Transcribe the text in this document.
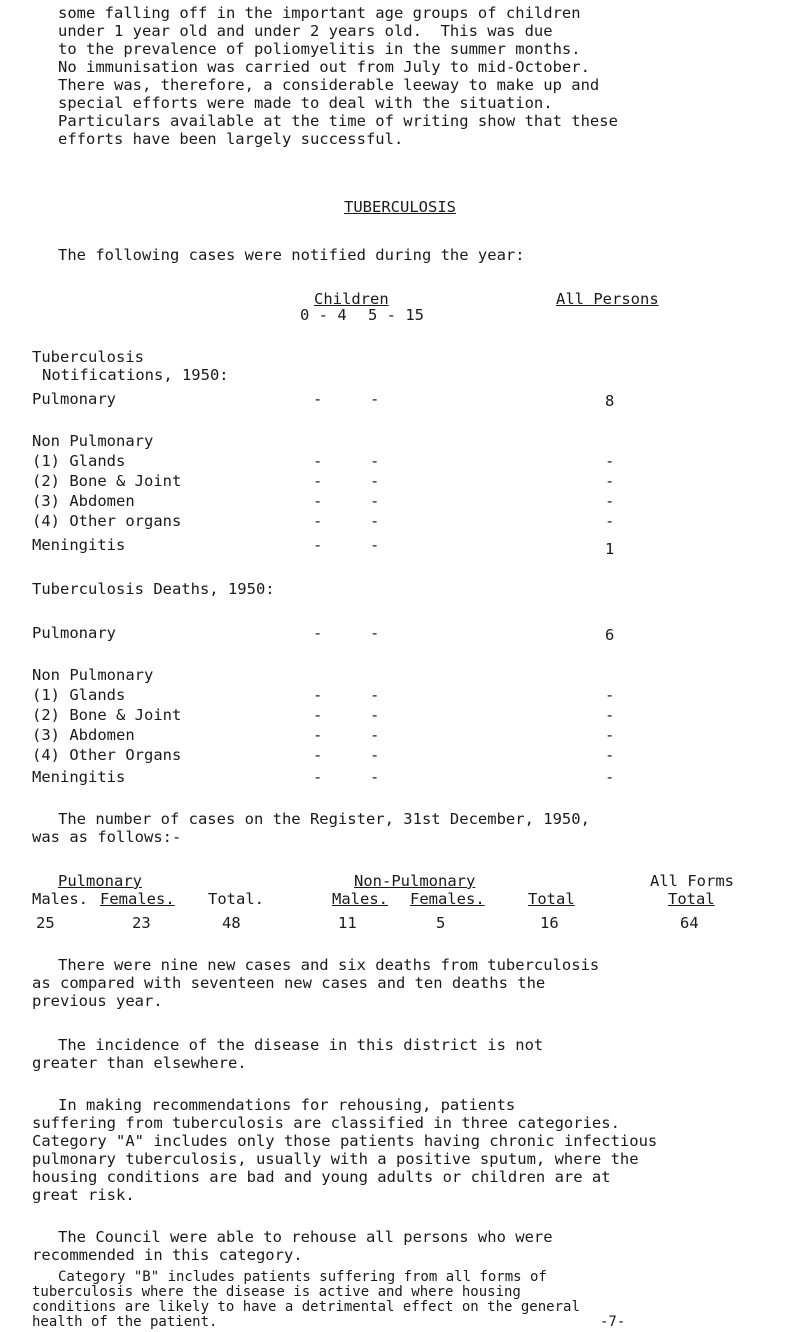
some falling off in the important age groups of children
under 1 year old and under 2 years old.  This was due
to the prevalence of poliomyelitis in the summer months.
No immunisation was carried out from July to mid-October.
There was, therefore, a considerable leeway to make up and
special efforts were made to deal with the situation.
Particulars available at the time of writing show that these
efforts have been largely successful.
TUBERCULOSIS
The following cases were notified during the year:
Children	All Persons
0 - 4 5 - 15
Tuberculosis
Notifications, 1950:
Pulmonary	-	-	8
Non Pulmonary
(1) Glands	-	-	-
(2) Bone & Joint	-	-	-
(3) Abdomen	-	-	-
(4) Other organs	-	-	-
Meningitis	-	-	1
Tuberculosis Deaths, 1950:
Pulmonary	-	-	6
Non Pulmonary
(1) Glands	-	-	-
(2) Bone & Joint	-	-	-
(3) Abdomen	-	-	-
(4) Other Organs	-	-	-
Meningitis	-	-	-
The number of cases on the Register, 31st December, 1950,
was as follows:-
Pulmonary	Non-Pulmonary	All Forms
Males. Females. Total.	Males. Females.	Total	Total
25	23	48	11	5	16	64
There were nine new cases and six deaths from tuberculosis
as compared with seventeen new cases and ten deaths the
previous year.
The incidence of the disease in this district is not
greater than elsewhere.
In making recommendations for rehousing, patients
suffering from tuberculosis are classified in three categories.
Category "A" includes only those patients having chronic infectious
pulmonary tuberculosis, usually with a positive sputum, where the
housing conditions are bad and young adults or children are at
great risk.
The Council were able to rehouse all persons who were
recommended in this category.
Category "B" includes patients suffering from all forms of
tuberculosis where the disease is active and where housing
conditions are likely to have a detrimental effect on the general
health of the patient.	-7-
